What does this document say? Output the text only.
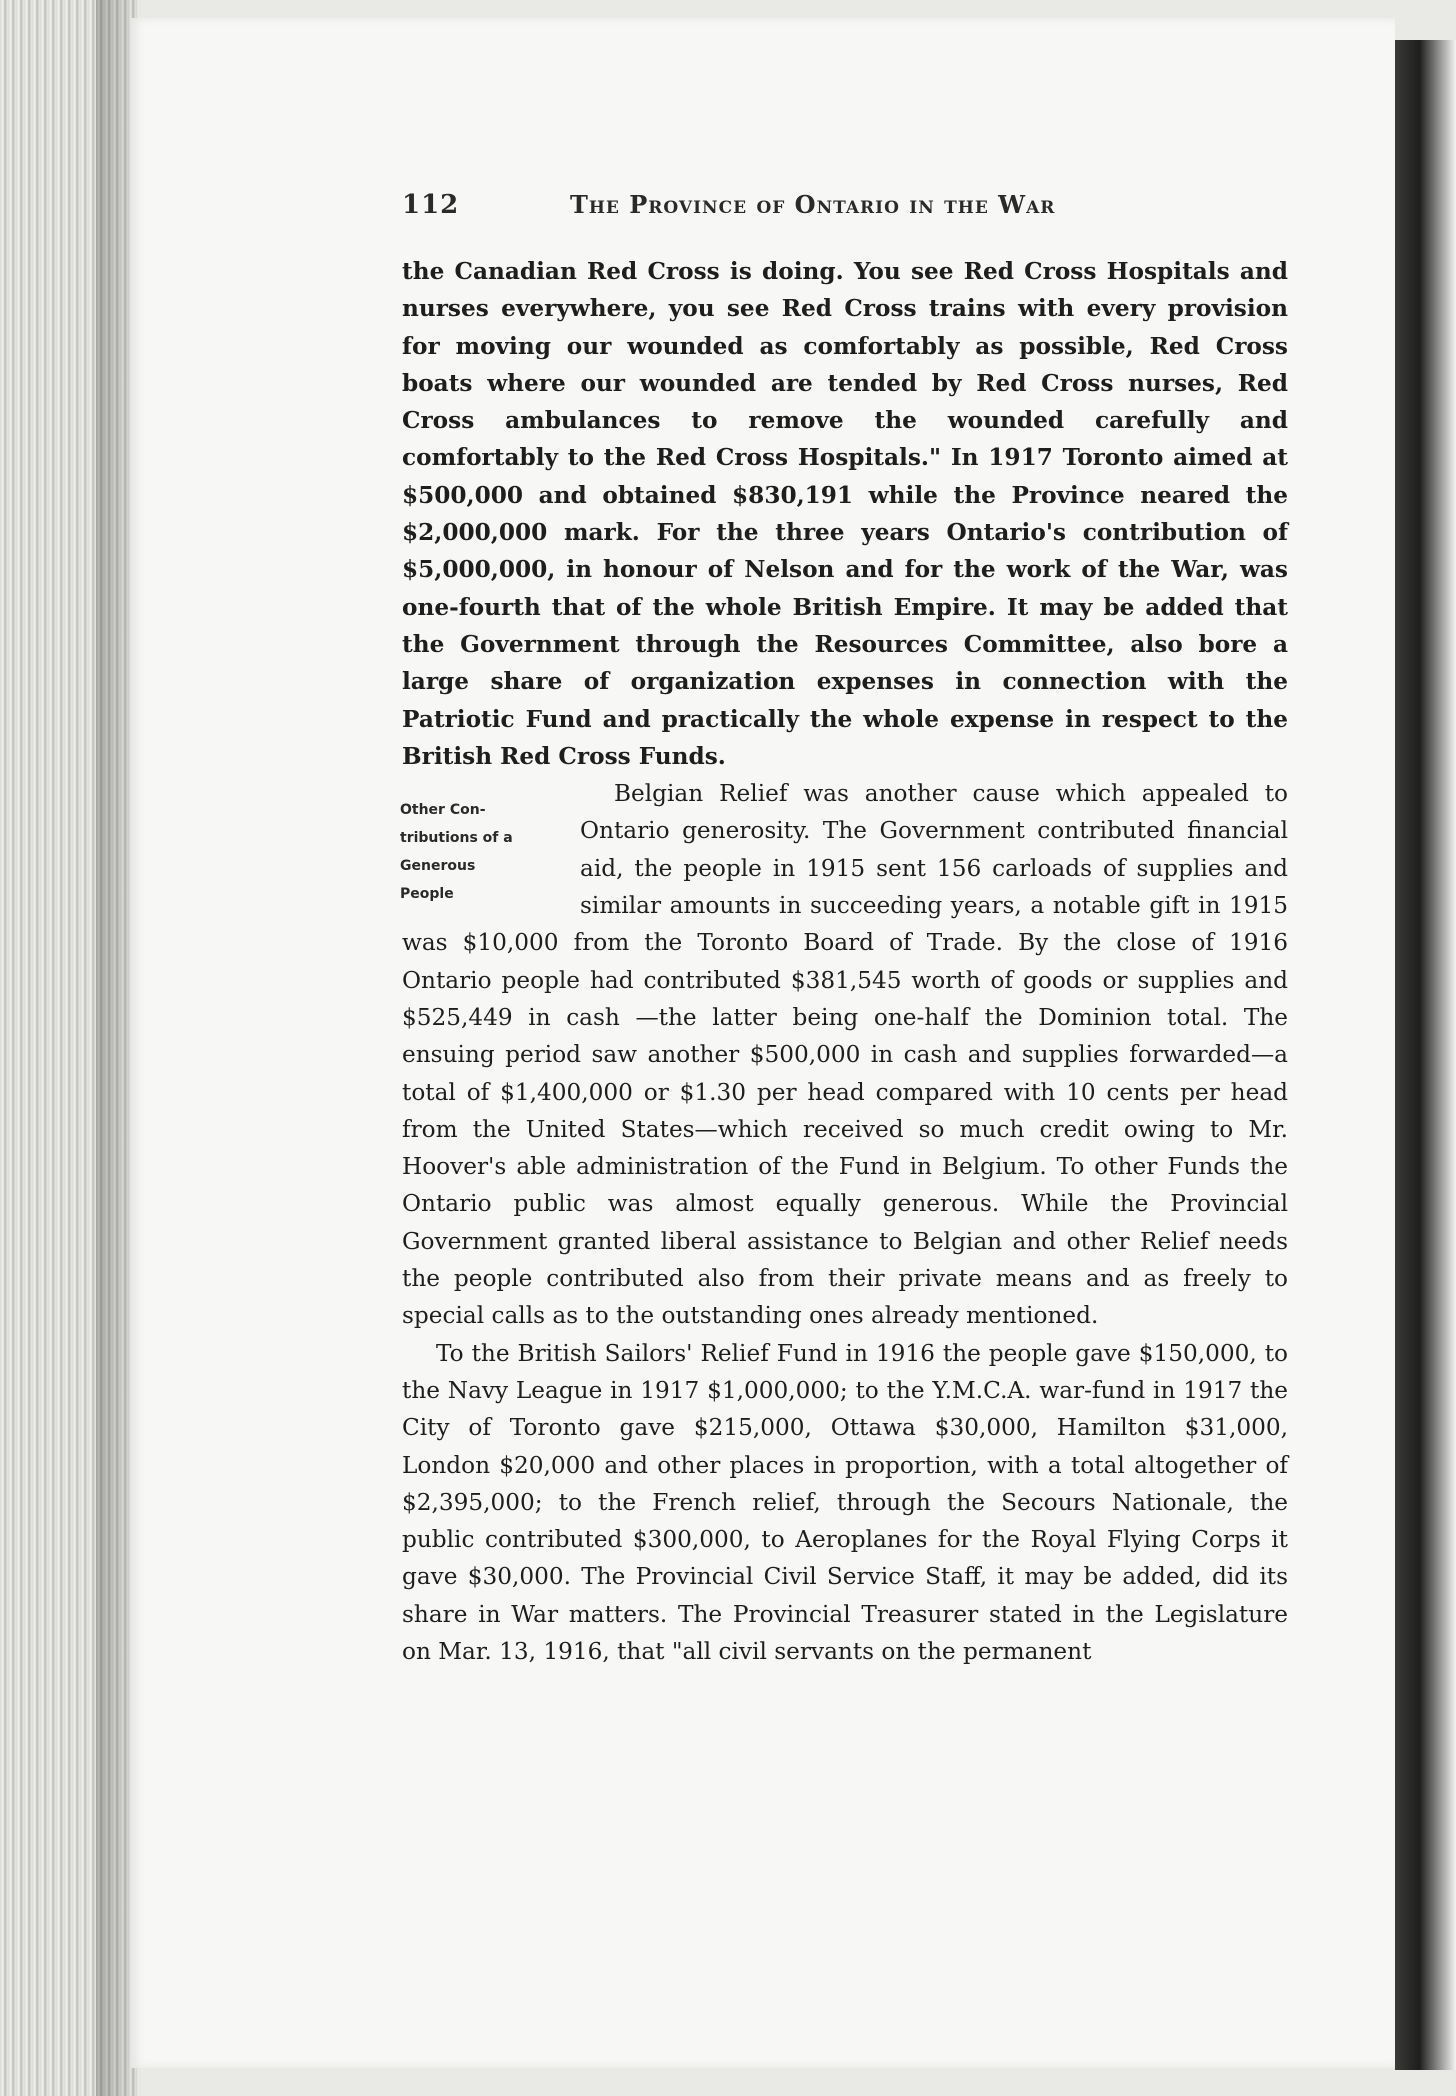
112	The Province of Ontario in the War
Other Con-
tributions of a
Generous
People

the Canadian Red Cross is doing. You see Red Cross Hospitals and nurses everywhere, you see Red Cross trains with every provision for moving our wounded as comfortably as possible, Red Cross boats where our wounded are tended by Red Cross nurses, Red Cross ambulances to remove the wounded carefully and comfortably to the Red Cross Hospitals." In 1917 Toronto aimed at $500,000 and obtained $830,191 while the Province neared the $2,000,000 mark. For the three years Ontario's contribution of $5,000,000, in honour of Nelson and for the work of the War, was one-fourth that of the whole British Empire. It may be added that the Government through the Resources Committee, also bore a large share of organization expenses in connection with the Patriotic Fund and practically the whole expense in respect to the British Red Cross Funds.

Belgian Relief was another cause which appealed to Ontario generosity. The Government contributed financial aid, the people in 1915 sent 156 carloads of supplies and similar amounts in succeeding years, a notable gift in 1915 was $10,000 from the Toronto Board of Trade. By the close of 1916 Ontario people had contributed $381,545 worth of goods or supplies and $525,449 in cash —the latter being one-half the Dominion total. The ensuing period saw another $500,000 in cash and supplies forwarded—a total of $1,400,000 or $1.30 per head compared with 10 cents per head from the United States—which received so much credit owing to Mr. Hoover's able administration of the Fund in Belgium. To other Funds the Ontario public was almost equally generous. While the Provincial Government granted liberal assistance to Belgian and other Relief needs the people contributed also from their private means and as freely to special calls as to the outstanding ones already mentioned.

To the British Sailors' Relief Fund in 1916 the people gave $150,000, to the Navy League in 1917 $1,000,000; to the Y.M.C.A. war-fund in 1917 the City of Toronto gave $215,000, Ottawa $30,000, Hamilton $31,000, London $20,000 and other places in proportion, with a total altogether of $2,395,000; to the French relief, through the Secours Nationale, the public contributed $300,000, to Aeroplanes for the Royal Flying Corps it gave $30,000. The Provincial Civil Service Staff, it may be added, did its share in War matters. The Provincial Treasurer stated in the Legislature on Mar. 13, 1916, that "all civil servants on the permanent
